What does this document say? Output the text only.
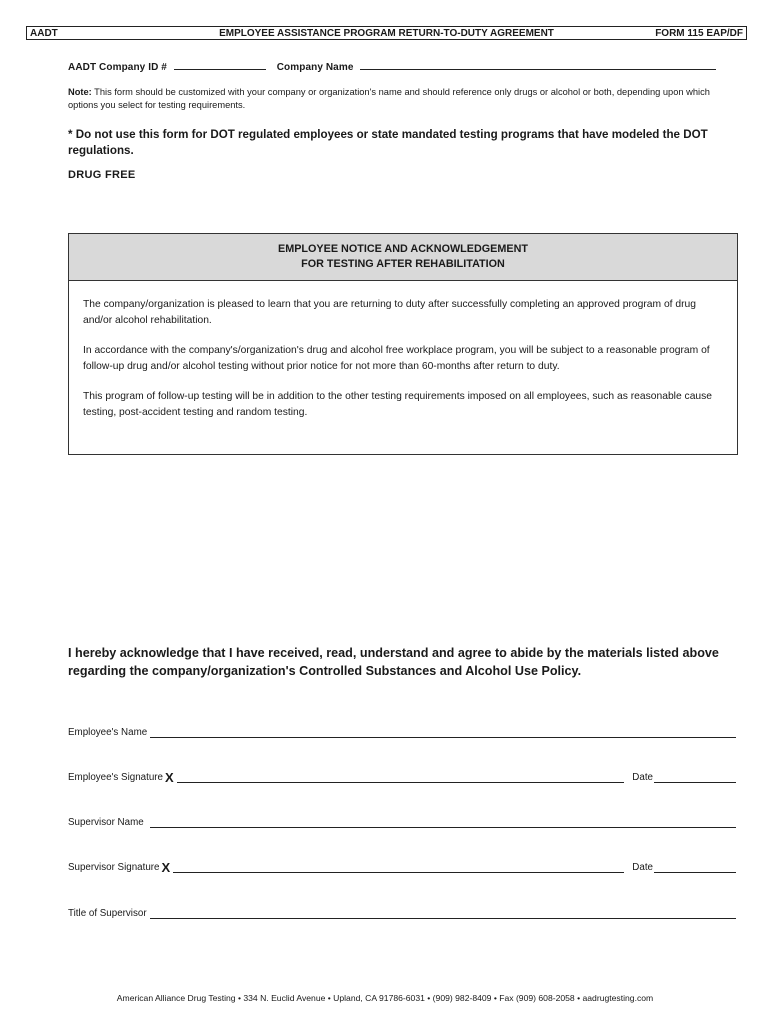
AADT	EMPLOYEE ASSISTANCE PROGRAM RETURN-TO-DUTY AGREEMENT	FORM 115 EAP/DF
AADT Company ID #	Company Name
Note: This form should be customized with your company or organization's name and should reference only drugs or alcohol or both, depending upon which options you select for testing requirements.
* Do not use this form for DOT regulated employees or state mandated testing programs that have modeled the DOT regulations.
DRUG FREE
EMPLOYEE NOTICE AND ACKNOWLEDGEMENT
FOR TESTING AFTER REHABILITATION

The company/organization is pleased to learn that you are returning to duty after successfully completing an approved program of drug and/or alcohol rehabilitation.

In accordance with the company's/organization's drug and alcohol free workplace program, you will be subject to a reasonable program of follow-up drug and/or alcohol testing without prior notice for not more than 60-months after return to duty.

This program of follow-up testing will be in addition to the other testing requirements imposed on all employees, such as reasonable cause testing, post-accident testing and random testing.

I hereby acknowledge that I have received, read, understand and agree to abide by the materials listed above regarding the company/organization's Controlled Substances and Alcohol Use Policy.
Employee's Name
Employee's Signature X	Date
Supervisor Name
Supervisor Signature X	Date
Title of Supervisor
American Alliance Drug Testing • 334 N. Euclid Avenue • Upland, CA 91786-6031 • (909) 982-8409 • Fax (909) 608-2058 • aadrugtesting.com
